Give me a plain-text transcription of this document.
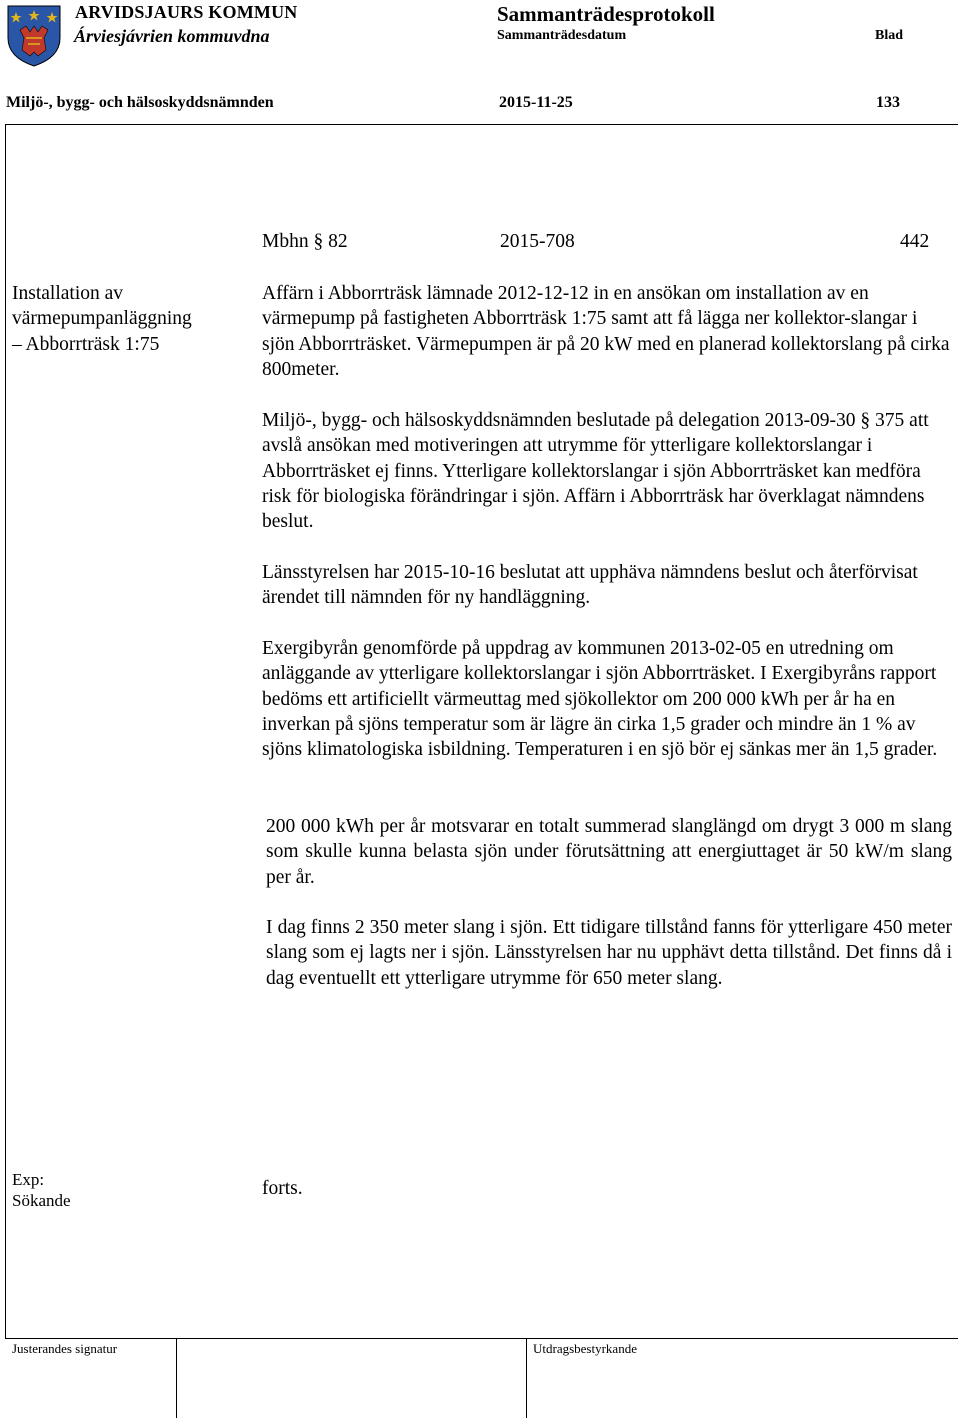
ARVIDSJAURS KOMMUN
Árviesjávrien kommuvdna
Sammanträdesprotokoll
Sammanträdesdatum	Blad
Miljö-, bygg- och hälsoskyddsnämnden	2015-11-25	133
Mbhn § 82	2015-708	442
Installation av
värmepumpanläggning
– Abborrträsk 1:75

Affärn i Abborrträsk lämnade 2012-12-12 in en ansökan om installation av en värmepump på fastigheten Abborrträsk 1:75 samt att få lägga ner kollektor-slangar i sjön Abborrträsket. Värmepumpen är på 20 kW med en planerad kollektorslang på cirka 800meter.

Miljö-, bygg- och hälsoskyddsnämnden beslutade på delegation 2013-09-30 § 375 att avslå ansökan med motiveringen att utrymme för ytterligare kollektorslangar i Abborrträsket ej finns. Ytterligare kollektorslangar i sjön Abborrträsket kan medföra risk för biologiska förändringar i sjön. Affärn i Abborrträsk har överklagat nämndens beslut.

Länsstyrelsen har 2015-10-16 beslutat att upphäva nämndens beslut och återförvisat ärendet till nämnden för ny handläggning.

Exergibyrån genomförde på uppdrag av kommunen 2013-02-05 en utredning om anläggande av ytterligare kollektorslangar i sjön Abborrträsket. I Exergibyråns rapport bedöms ett artificiellt värmeuttag med sjökollektor om 200 000 kWh per år ha en inverkan på sjöns temperatur som är lägre än cirka 1,5 grader och mindre än 1 % av sjöns klimatologiska isbildning. Temperaturen i en sjö bör ej sänkas mer än 1,5 grader.

200 000 kWh per år motsvarar en totalt summerad slanglängd om drygt 3 000 m slang som skulle kunna belasta sjön under förutsättning att energiuttaget är 50 kW/m slang per år.

I dag finns 2 350 meter slang i sjön. Ett tidigare tillstånd fanns för ytterligare 450 meter slang som ej lagts ner i sjön. Länsstyrelsen har nu upphävt detta tillstånd. Det finns då i dag eventuellt ett ytterligare utrymme för 650 meter slang.

Exp:
Sökande
forts.
Justerandes signatur	Utdragsbestyrkande
